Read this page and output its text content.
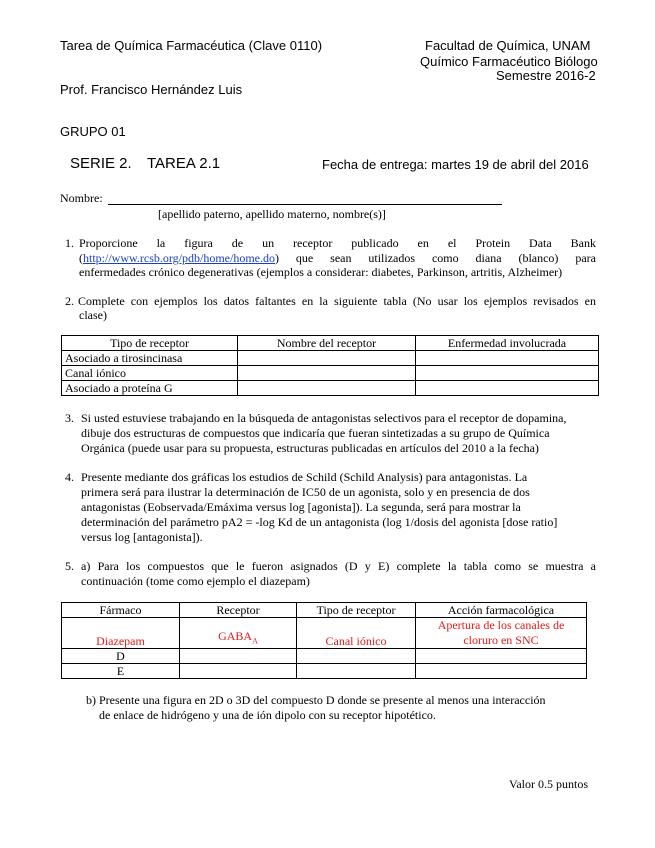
Tarea de Química Farmacéutica (Clave 0110)	Facultad de Química, UNAM
Químico Farmacéutico Biólogo
Semestre 2016-2
Prof. Francisco Hernández Luis
GRUPO 01
SERIE 2. TAREA 2.1	Fecha de entrega: martes 19 de abril del 2016
Nombre:
[apellido paterno, apellido materno, nombre(s)]
1. Proporcione la figura de un receptor publicado en el Protein Data Bank
(http://www.rcsb.org/pdb/home/home.do) que sean utilizados como diana (blanco) para
enfermedades crónico degenerativas (ejemplos a considerar: diabetes, Parkinson, artritis, Alzheimer)
2. Complete con ejemplos los datos faltantes en la siguiente tabla (No usar los ejemplos revisados en
clase)
Tipo de receptor	Nombre del receptor	Enfermedad involucrada
Asociado a tirosincinasa		
Canal iónico		
Asociado a proteína G		
3. Si usted estuviese trabajando en la búsqueda de antagonistas selectivos para el receptor de dopamina,
dibuje dos estructuras de compuestos que indicaría que fueran sintetizadas a su grupo de Química
Orgánica (puede usar para su propuesta, estructuras publicadas en artículos del 2010 a la fecha)
4. Presente mediante dos gráficas los estudios de Schild (Schild Analysis) para antagonistas. La
primera será para ilustrar la determinación de IC50 de un agonista, solo y en presencia de dos
antagonistas (Eobservada/Emáxima versus log [agonista]). La segunda, será para mostrar la
determinación del parámetro pA2 = -log Kd de un antagonista (log 1/dosis del agonista [dose ratio]
versus log [antagonista]).
5. a) Para los compuestos que le fueron asignados (D y E) complete la tabla como se muestra a
continuación (tome como ejemplo el diazepam)
Fármaco	Receptor	Tipo de receptor	Acción farmacológica
Diazepam	$GABA_A$	Canal iónico	Apertura de los canales de
cloruro en SNC

D			
E			
b) Presente una figura en 2D o 3D del compuesto D donde se presente al menos una interacción
de enlace de hidrógeno y una de ión dipolo con su receptor hipotético.
Valor 0.5 puntos
